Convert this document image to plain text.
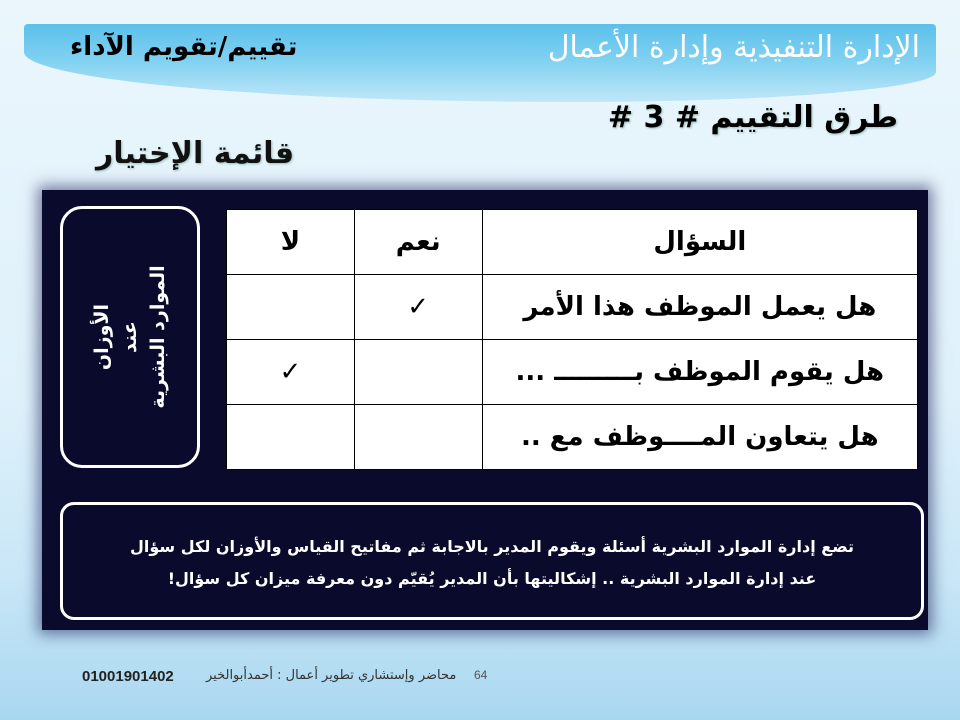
الإدارة التنفيذية وإدارة الأعمال
تقييم/تقويم الآداء
طرق التقييم # 3 #
قائمة الإختيار
الأوزان عند الموارد البشرية
السؤال	نعم	لا
هل يعمل الموظف هذا الأمر	✓	
هل يقوم الموظف بـــــــــ ...		✓
هل يتعاون المــــوظف مع ..		
تضع إدارة الموارد البشرية أسئلة ويقوم المدير بالاجابة ثم مفاتيح القياس والأوزان لكل سؤال
عند إدارة الموارد البشرية .. إشكاليتها بأن المدير يُقيّم دون معرفة ميزان كل سؤال!
01001901402 محاضر وإستشاري تطوير أعمال : أحمدأبوالخير 64
